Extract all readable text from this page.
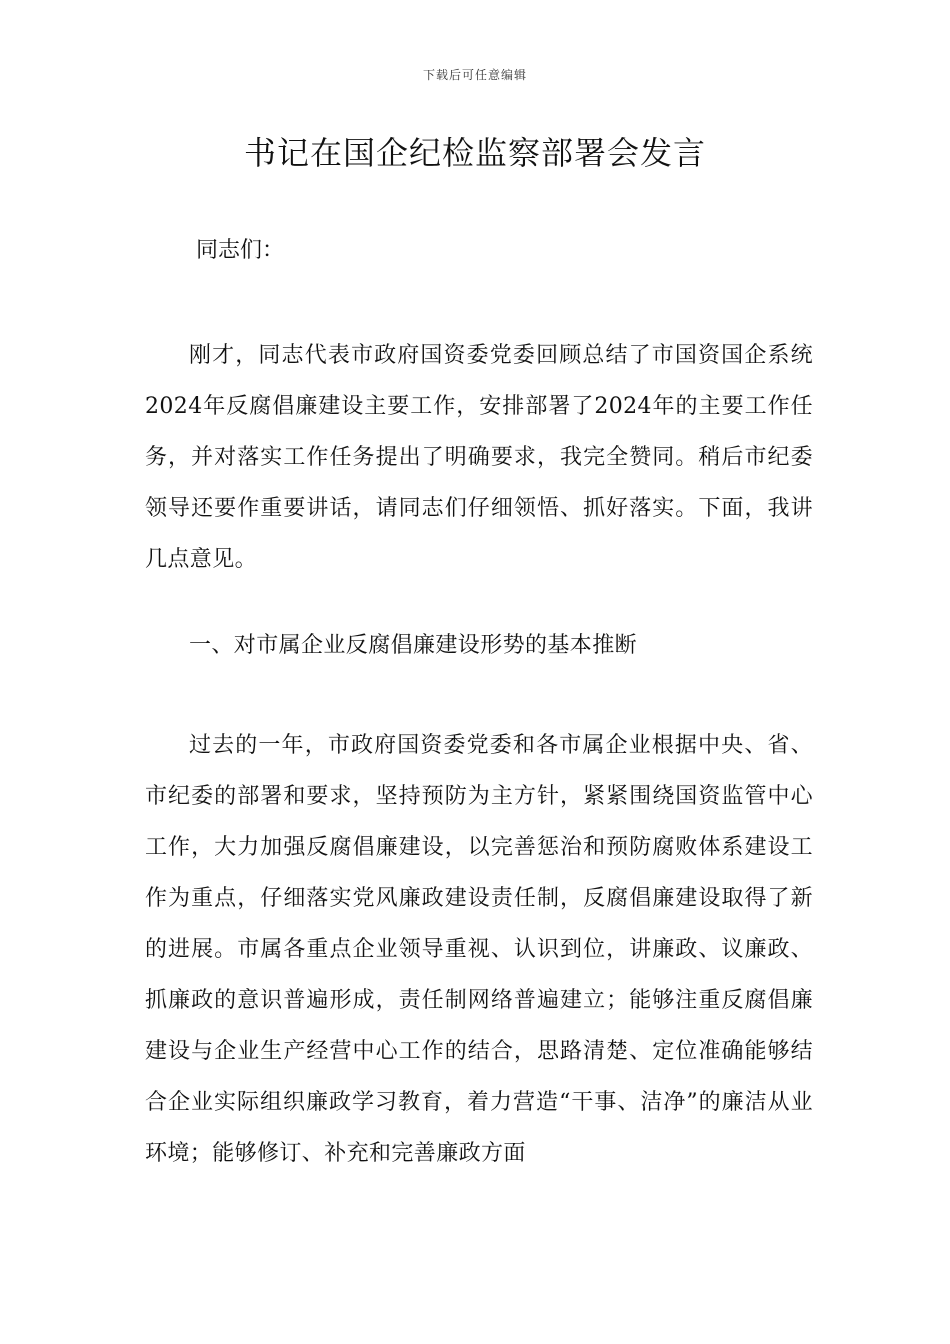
下载后可任意编辑
书记在国企纪检监察部署会发言
同志们：

刚才，同志代表市政府国资委党委回顾总结了市国资国企系统2024年反腐倡廉建设主要工作，安排部署了2024年的主要工作任务，并对落实工作任务提出了明确要求，我完全赞同。稍后市纪委领导还要作重要讲话，请同志们仔细领悟、抓好落实。下面，我讲几点意见。

一、对市属企业反腐倡廉建设形势的基本推断

过去的一年，市政府国资委党委和各市属企业根据中央、省、市纪委的部署和要求，坚持预防为主方针，紧紧围绕国资监管中心工作，大力加强反腐倡廉建设，以完善惩治和预防腐败体系建设工作为重点，仔细落实党风廉政建设责任制，反腐倡廉建设取得了新的进展。市属各重点企业领导重视、认识到位，讲廉政、议廉政、抓廉政的意识普遍形成，责任制网络普遍建立；能够注重反腐倡廉建设与企业生产经营中心工作的结合，思路清楚、定位准确能够结合企业实际组织廉政学习教育，着力营造“干事、洁净”的廉洁从业环境；能够修订、补充和完善廉政方面
